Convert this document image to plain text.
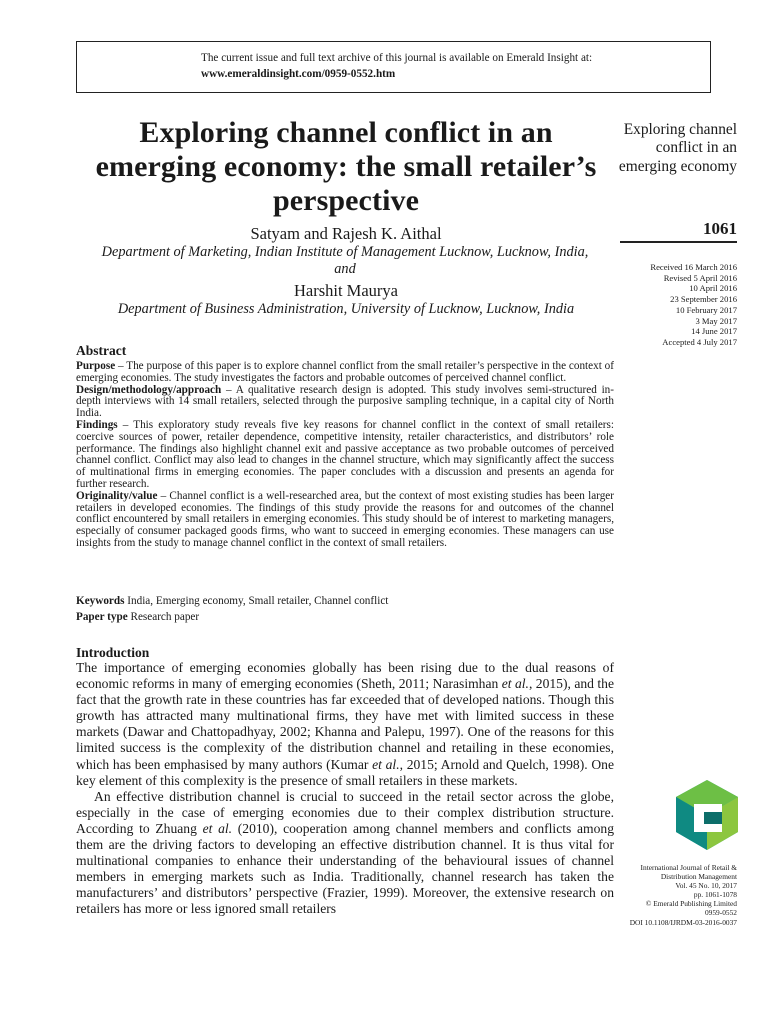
The current issue and full text archive of this journal is available on Emerald Insight at:
www.emeraldinsight.com/0959-0552.htm
Exploring channel conflict in an emerging economy: the small retailer’s perspective
Satyam and Rajesh K. Aithal
Department of Marketing, Indian Institute of Management Lucknow, Lucknow, India, and
Harshit Maurya
Department of Business Administration, University of Lucknow, Lucknow, India
Exploring channel conflict in an emerging economy
1061
Received 16 March 2016
Revised 5 April 2016
10 April 2016
23 September 2016
10 February 2017
3 May 2017
14 June 2017
Accepted 4 July 2017
Abstract

Purpose – The purpose of this paper is to explore channel conflict from the small retailer’s perspective in the context of emerging economies. The study investigates the factors and probable outcomes of perceived channel conflict.

Design/methodology/approach – A qualitative research design is adopted. This study involves semi-structured in-depth interviews with 14 small retailers, selected through the purposive sampling technique, in a capital city of North India.

Findings – This exploratory study reveals five key reasons for channel conflict in the context of small retailers: coercive sources of power, retailer dependence, competitive intensity, retailer characteristics, and distributors’ role performance. The findings also highlight channel exit and passive acceptance as two probable outcomes of perceived channel conflict. Conflict may also lead to changes in the channel structure, which may significantly affect the success of multinational firms in emerging economies. The paper concludes with a discussion and presents an agenda for further research.

Originality/value – Channel conflict is a well-researched area, but the context of most existing studies has been larger retailers in developed economies. The findings of this study provide the reasons for and outcomes of the channel conflict encountered by small retailers in emerging economies. This study should be of interest to marketing managers, especially of consumer packaged goods firms, who want to succeed in emerging economies. These managers can use insights from the study to manage channel conflict in the context of small retailers.

Keywords India, Emerging economy, Small retailer, Channel conflict
Paper type Research paper
Introduction

The importance of emerging economies globally has been rising due to the dual reasons of economic reforms in many of emerging economies (Sheth, 2011; Narasimhan et al., 2015), and the fact that the growth rate in these countries has far exceeded that of developed nations. Though this growth has attracted many multinational firms, they have met with limited success in these markets (Dawar and Chattopadhyay, 2002; Khanna and Palepu, 1997). One of the reasons for this limited success is the complexity of the distribution channel and retailing in these economies, which has been emphasised by many authors (Kumar et al., 2015; Arnold and Quelch, 1998). One key element of this complexity is the presence of small retailers in these markets.

An effective distribution channel is crucial to succeed in the retail sector across the globe, especially in the case of emerging economies due to their complex distribution structure. According to Zhuang et al. (2010), cooperation among channel members and conflicts among them are the driving factors to developing an effective distribution channel. It is thus vital for multinational companies to enhance their understanding of the behavioural issues of channel members in emerging markets such as India. Traditionally, channel research has taken the manufacturers’ and distributors’ perspective (Frazier, 1999). Moreover, the extensive research on retailers has more or less ignored small retailers

International Journal of Retail &
Distribution Management
Vol. 45 No. 10, 2017
pp. 1061-1078
© Emerald Publishing Limited
0959-0552
DOI 10.1108/IJRDM-03-2016-0037
